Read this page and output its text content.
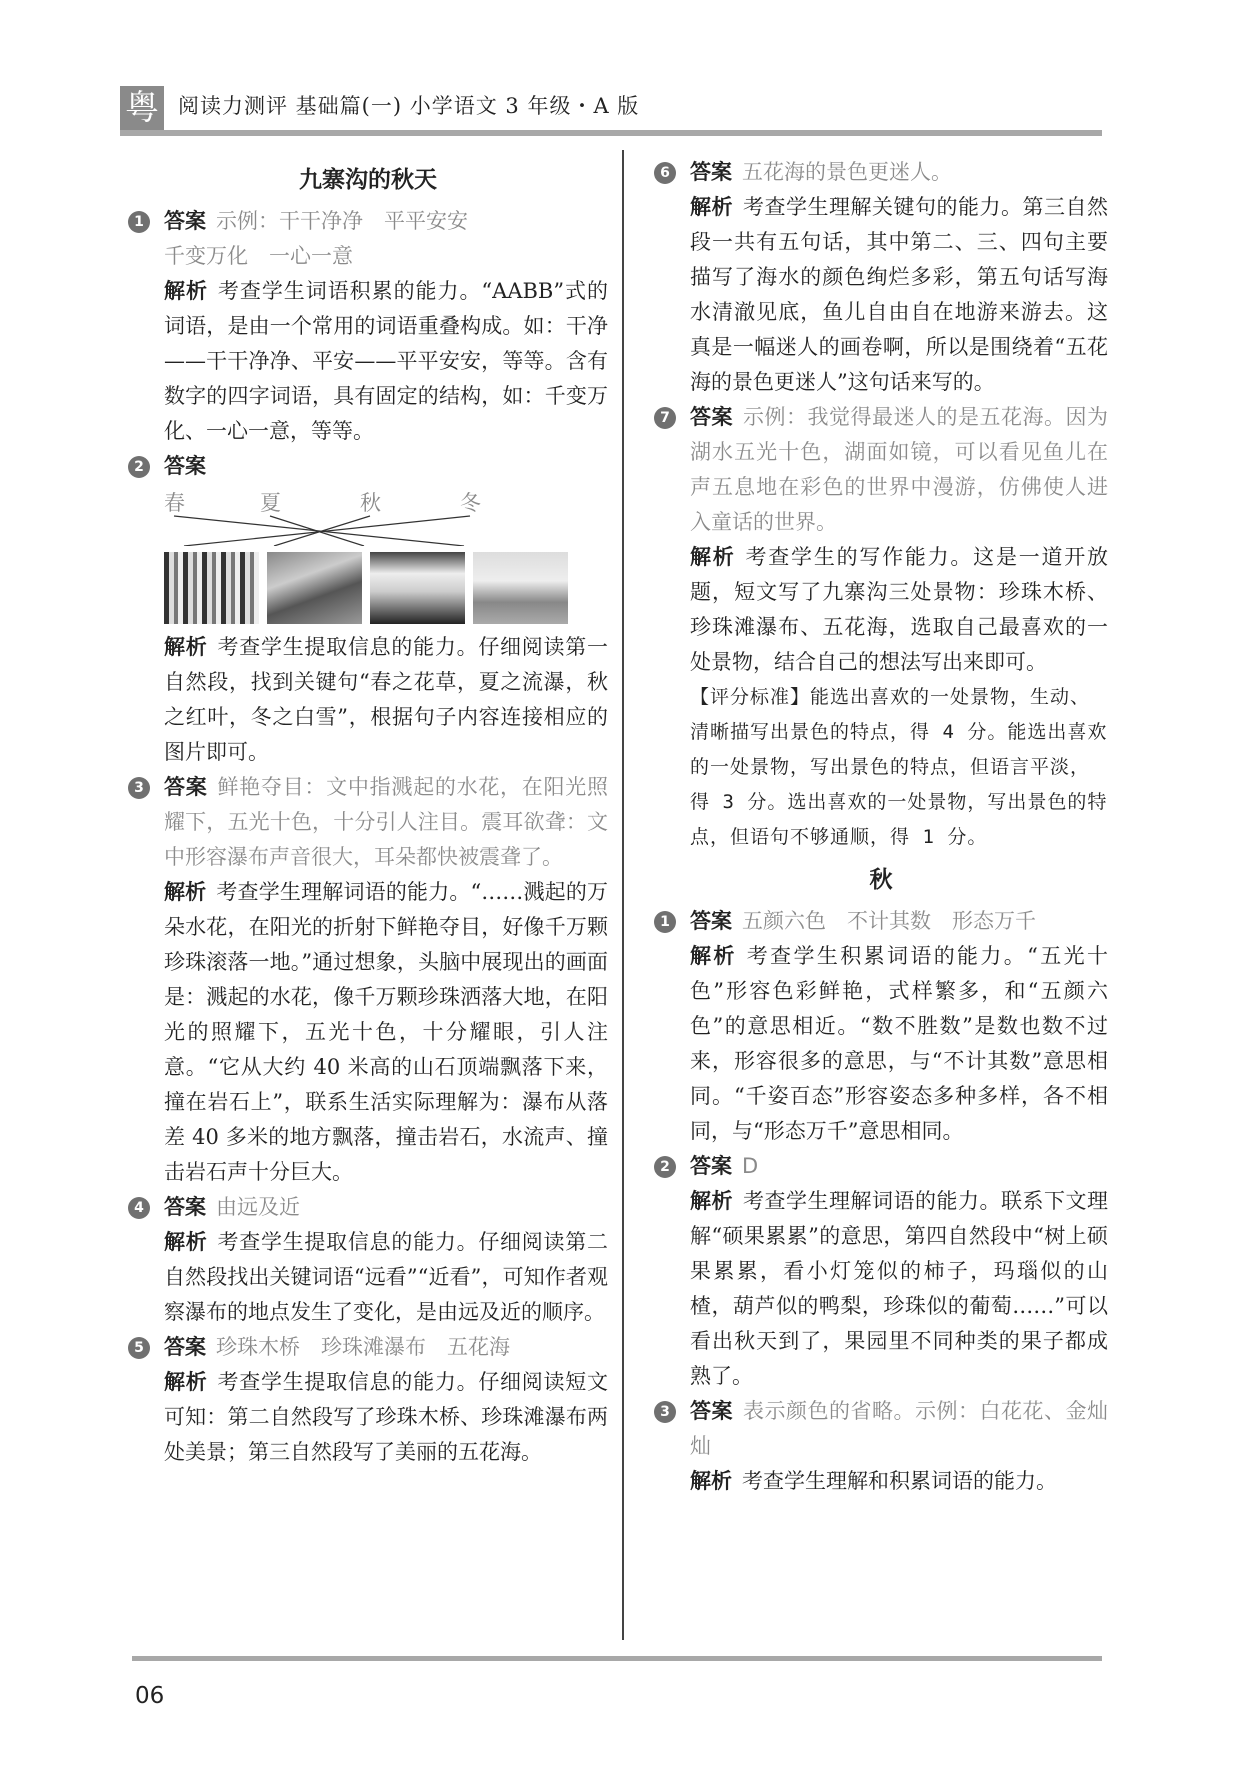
粤 阅读力测评 基础篇(一) 小学语文 3 年级・A 版
九寨沟的秋天
1 答案 示例：干干净净　平平安安

千变万化　一心一意

解析 考查学生词语积累的能力。“AABB”式的词语，是由一个常用的词语重叠构成。如：干净——干干净净、平安——平平安安，等等。含有数字的四字词语，具有固定的结构，如：千变万化、一心一意，等等。

2 答案

春	夏	秋	冬

解析 考查学生提取信息的能力。仔细阅读第一自然段，找到关键句“春之花草，夏之流瀑，秋之红叶，冬之白雪”，根据句子内容连接相应的图片即可。

3 答案 鲜艳夺目：文中指溅起的水花，在阳光照耀下，五光十色，十分引人注目。震耳欲聋：文中形容瀑布声音很大，耳朵都快被震聋了。

解析 考查学生理解词语的能力。“……溅起的万朵水花，在阳光的折射下鲜艳夺目，好像千万颗珍珠滚落一地。”通过想象，头脑中展现出的画面是：溅起的水花，像千万颗珍珠洒落大地，在阳光的照耀下，五光十色，十分耀眼，引人注意。“它从大约 40 米高的山石顶端飘落下来，撞在岩石上”，联系生活实际理解为：瀑布从落差 40 多米的地方飘落，撞击岩石，水流声、撞击岩石声十分巨大。

4 答案 由远及近

解析 考查学生提取信息的能力。仔细阅读第二自然段找出关键词语“远看”“近看”，可知作者观察瀑布的地点发生了变化，是由远及近的顺序。

5 答案 珍珠木桥　珍珠滩瀑布　五花海

解析 考查学生提取信息的能力。仔细阅读短文可知：第二自然段写了珍珠木桥、珍珠滩瀑布两处美景；第三自然段写了美丽的五花海。

6 答案 五花海的景色更迷人。

解析 考查学生理解关键句的能力。第三自然段一共有五句话，其中第二、三、四句主要描写了海水的颜色绚烂多彩，第五句话写海水清澈见底，鱼儿自由自在地游来游去。这真是一幅迷人的画卷啊，所以是围绕着“五花海的景色更迷人”这句话来写的。

7 答案 示例：我觉得最迷人的是五花海。因为湖水五光十色，湖面如镜，可以看见鱼儿在声五息地在彩色的世界中漫游，仿佛使人进入童话的世界。

解析 考查学生的写作能力。这是一道开放题，短文写了九寨沟三处景物：珍珠木桥、珍珠滩瀑布、五花海，选取自己最喜欢的一处景物，结合自己的想法写出来即可。

【评分标准】能选出喜欢的一处景物，生动、清晰描写出景色的特点，得 4 分。能选出喜欢的一处景物，写出景色的特点，但语言平淡，得 3 分。选出喜欢的一处景物，写出景色的特点，但语句不够通顺，得 1 分。

秋
1 答案 五颜六色　不计其数　形态万千

解析 考查学生积累词语的能力。“五光十色”形容色彩鲜艳，式样繁多，和“五颜六色”的意思相近。“数不胜数”是数也数不过来，形容很多的意思，与“不计其数”意思相同。“千姿百态”形容姿态多种多样，各不相同，与“形态万千”意思相同。

2 答案 D

解析 考查学生理解词语的能力。联系下文理解“硕果累累”的意思，第四自然段中“树上硕果累累，看小灯笼似的柿子，玛瑙似的山楂，葫芦似的鸭梨，珍珠似的葡萄……”可以看出秋天到了，果园里不同种类的果子都成熟了。

3 答案 表示颜色的省略。示例：白花花、金灿灿

解析 考查学生理解和积累词语的能力。

06
